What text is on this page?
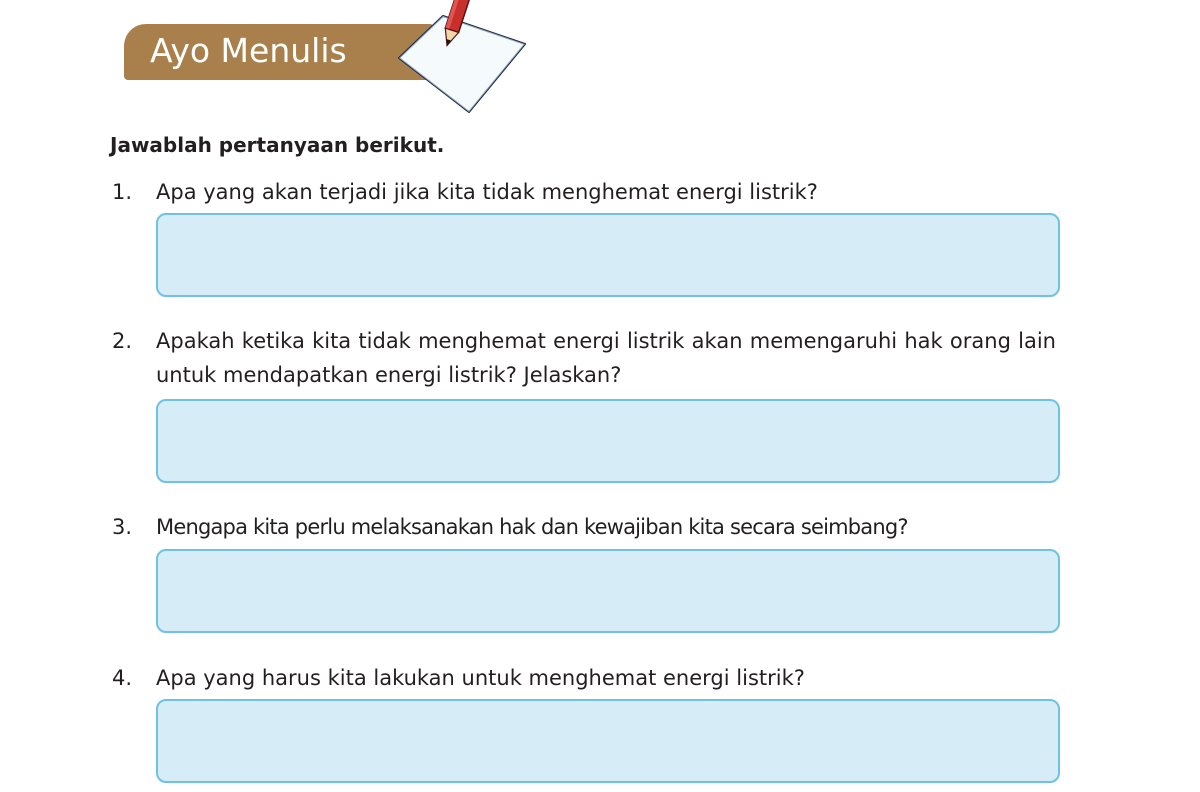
Ayo Menulis
Jawablah pertanyaan berikut.
1. Apa yang akan terjadi jika kita tidak menghemat energi listrik?
2. Apakah ketika kita tidak menghemat energi listrik akan memengaruhi hak orang lain untuk mendapatkan energi listrik? Jelaskan?
3. Mengapa kita perlu melaksanakan hak dan kewajiban kita secara seimbang?
4. Apa yang harus kita lakukan untuk menghemat energi listrik?
